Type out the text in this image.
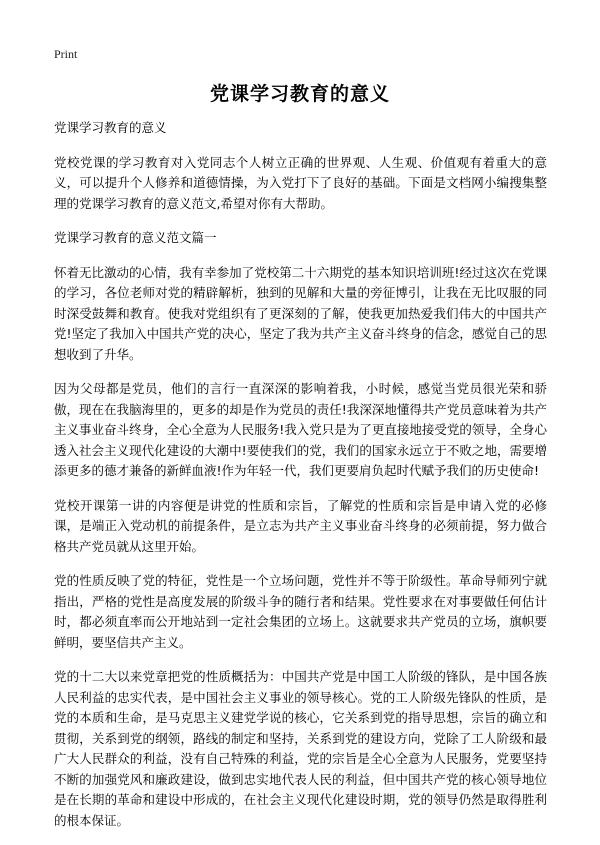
Print
党课学习教育的意义

党课学习教育的意义

党校党课的学习教育对入党同志个人树立正确的世界观、人生观、价值观有着重大的意义，可以提升个人修养和道德情操，为入党打下了良好的基础。下面是文档网小编搜集整理的党课学习教育的意义范文,希望对你有大帮助。

党课学习教育的意义范文篇一

怀着无比激动的心情，我有幸参加了党校第二十六期党的基本知识培训班!经过这次在党课的学习，各位老师对党的精辟解析，独到的见解和大量的旁征博引，让我在无比叹服的同时深受鼓舞和教育。使我对党组织有了更深刻的了解，使我更加热爱我们伟大的中国共产党!坚定了我加入中国共产党的决心，坚定了我为共产主义奋斗终身的信念，感觉自己的思想收到了升华。

因为父母都是党员，他们的言行一直深深的影响着我，小时候，感觉当党员很光荣和骄傲，现在在我脑海里的，更多的却是作为党员的责任!我深深地懂得共产党员意味着为共产主义事业奋斗终身，全心全意为人民服务!我入党只是为了更直接地接受党的领导，全身心透入社会主义现代化建设的大潮中!要使我们的党，我们的国家永远立于不败之地，需要增添更多的德才兼备的新鲜血液!作为年轻一代，我们更要肩负起时代赋予我们的历史使命!

党校开课第一讲的内容便是讲党的性质和宗旨，了解党的性质和宗旨是申请入党的必修课，是端正入党动机的前提条件，是立志为共产主义事业奋斗终身的必须前提，努力做合格共产党员就从这里开始。

党的性质反映了党的特征，党性是一个立场问题，党性并不等于阶级性。革命导师列宁就指出，严格的党性是高度发展的阶级斗争的随行者和结果。党性要求在对事要做任何估计时，都必须直率而公开地站到一定社会集团的立场上。这就要求共产党员的立场，旗帜要鲜明，要坚信共产主义。

党的十二大以来党章把党的性质概括为：中国共产党是中国工人阶级的锋队，是中国各族人民利益的忠实代表，是中国社会主义事业的领导核心。党的工人阶级先锋队的性质，是党的本质和生命，是马克思主义建党学说的核心，它关系到党的指导思想，宗旨的确立和贯彻，关系到党的纲领，路线的制定和坚持，关系到党的建设方向，党除了工人阶级和最广大人民群众的利益，没有自己特殊的利益，党的宗旨是全心全意为人民服务，党要坚持不断的加强党风和廉政建设，做到忠实地代表人民的利益，但中国共产党的核心领导地位是在长期的革命和建设中形成的，在社会主义现代化建设时期，党的领导仍然是取得胜利的根本保证。
